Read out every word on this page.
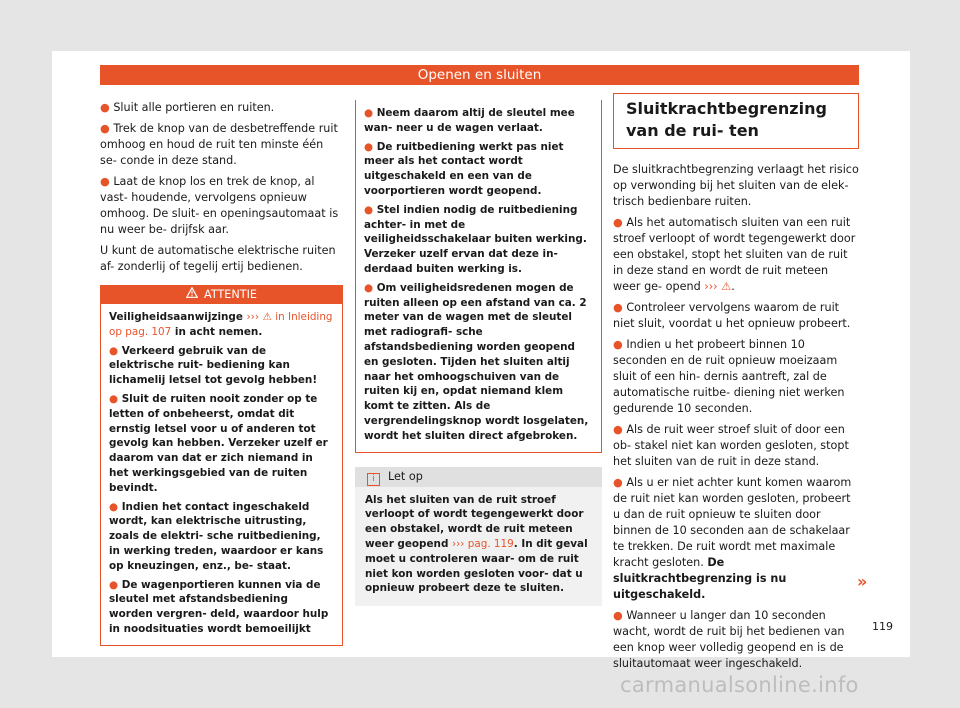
Openen en sluiten

● Sluit alle portieren en ruiten.

● Trek de knop van de desbetreffende ruit omhoog en houd de ruit ten minste één se- conde in deze stand.

● Laat de knop los en trek de knop, al vast- houdende, vervolgens opnieuw omhoog. De sluit- en openingsautomaat is nu weer be- drijfsk aar.

U kunt de automatische elektrische ruiten af- zonderlij of tegelij ertij bedienen.

ATTENTIE

Veiligheidsaanwijzinge ››› ⚠ in Inleiding op pag. 107 in acht nemen.

● Verkeerd gebruik van de elektrische ruit- bediening kan lichamelij letsel tot gevolg hebben!

● Sluit de ruiten nooit zonder op te letten of onbeheerst, omdat dit ernstig letsel voor u of anderen tot gevolg kan hebben. Verzeker uzelf er daarom van dat er zich niemand in het werkingsgebied van de ruiten bevindt.

● Indien het contact ingeschakeld wordt, kan elektrische uitrusting, zoals de elektri- sche ruitbediening, in werking treden, waardoor er kans op kneuzingen, enz., be- staat.

● De wagenportieren kunnen via de sleutel met afstandsbediening worden vergren- deld, waardoor hulp in noodsituaties wordt bemoeilijkt

● Neem daarom altij de sleutel mee wan- neer u de wagen verlaat.

● De ruitbediening werkt pas niet meer als het contact wordt uitgeschakeld en een van de voorportieren wordt geopend.

● Stel indien nodig de ruitbediening achter- in met de veiligheidsschakelaar buiten werking. Verzeker uzelf ervan dat deze in- derdaad buiten werking is.

● Om veiligheidsredenen mogen de ruiten alleen op een afstand van ca. 2 meter van de wagen met de sleutel met radiografi- sche afstandsbediening worden geopend en gesloten. Tijden het sluiten altij naar het omhoogschuiven van de ruiten kij en, opdat niemand klem komt te zitten. Als de vergrendelingsknop wordt losgelaten, wordt het sluiten direct afgebroken.

i Let op
Als het sluiten van de ruit stroef verloopt of wordt tegengewerkt door een obstakel, wordt de ruit meteen weer geopend ››› pag. 119. In dit geval moet u controleren waar- om de ruit niet kon worden gesloten voor- dat u opnieuw probeert deze te sluiten.
Sluitkrachtbegrenzing van de rui- ten

De sluitkrachtbegrenzing verlaagt het risico op verwonding bij het sluiten van de elek- trisch bedienbare ruiten.

● Als het automatisch sluiten van een ruit stroef verloopt of wordt tegengewerkt door een obstakel, stopt het sluiten van de ruit in deze stand en wordt de ruit meteen weer ge- opend ››› ⚠.

● Controleer vervolgens waarom de ruit niet sluit, voordat u het opnieuw probeert.

● Indien u het probeert binnen 10 seconden en de ruit opnieuw moeizaam sluit of een hin- dernis aantreft, zal de automatische ruitbe- diening niet werken gedurende 10 seconden.

● Als de ruit weer stroef sluit of door een ob- stakel niet kan worden gesloten, stopt het sluiten van de ruit in deze stand.

● Als u er niet achter kunt komen waarom de ruit niet kan worden gesloten, probeert u dan de ruit opnieuw te sluiten door binnen de 10 seconden aan de schakelaar te trekken. De ruit wordt met maximale kracht gesloten. De sluitkrachtbegrenzing is nu uitgeschakeld.

● Wanneer u langer dan 10 seconden wacht, wordt de ruit bij het bedienen van een knop weer volledig geopend en is de sluitautomaat weer ingeschakeld.

»
119
carmanualsonline.info
